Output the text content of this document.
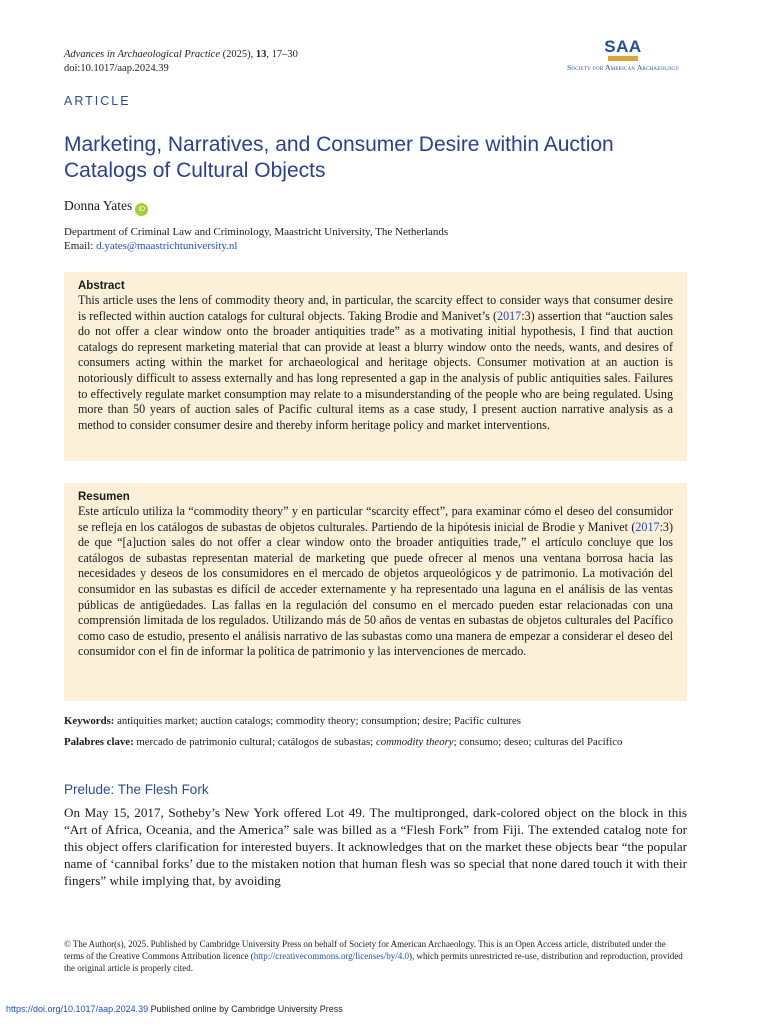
Advances in Archaeological Practice (2025), 13, 17–30
doi:10.1017/aap.2024.39
SAA
Society for American Archaeology
ARTICLE
Marketing, Narratives, and Consumer Desire within Auction Catalogs of Cultural Objects
Donna Yates iD
Department of Criminal Law and Criminology, Maastricht University, The Netherlands
Email: d.yates@maastrichtuniversity.nl
Abstract
This article uses the lens of commodity theory and, in particular, the scarcity effect to consider ways that consumer desire is reflected within auction catalogs for cultural objects. Taking Brodie and Manivet’s (2017:3) assertion that “auction sales do not offer a clear window onto the broader antiquities trade” as a motivating initial hypothesis, I find that auction catalogs do represent marketing material that can provide at least a blurry window onto the needs, wants, and desires of consumers acting within the market for archaeological and heritage objects. Consumer motivation at an auction is notoriously difficult to assess externally and has long represented a gap in the analysis of public antiquities sales. Failures to effectively regulate market consumption may relate to a misunderstanding of the people who are being regulated. Using more than 50 years of auction sales of Pacific cultural items as a case study, I present auction narrative analysis as a method to consider consumer desire and thereby inform heritage policy and market interventions.
Resumen
Este artículo utiliza la “commodity theory” y en particular “scarcity effect”, para examinar cómo el deseo del consumidor se refleja en los catálogos de subastas de objetos culturales. Partiendo de la hipótesis inicial de Brodie y Manivet (2017:3) de que “[a]uction sales do not offer a clear window onto the broader antiquities trade,” el artículo concluye que los catálogos de subastas representan material de marketing que puede ofrecer al menos una ventana borrosa hacia las necesidades y deseos de los consumidores en el mercado de objetos arqueológicos y de patrimonio. La motivación del consumidor en las subastas es difícil de acceder externamente y ha representado una laguna en el análisis de las ventas públicas de antigüedades. Las fallas en la regulación del consumo en el mercado pueden estar relacionadas con una comprensión limitada de los regulados. Utilizando más de 50 años de ventas en subastas de objetos culturales del Pacífico como caso de estudio, presento el análisis narrativo de las subastas como una manera de empezar a considerar el deseo del consumidor con el fin de informar la política de patrimonio y las intervenciones de mercado.
Keywords: antiquities market; auction catalogs; commodity theory; consumption; desire; Pacific cultures
Palabres clave: mercado de patrimonio cultural; catálogos de subastas; commodity theory; consumo; deseo; culturas del Pacífico
Prelude: The Flesh Fork
On May 15, 2017, Sotheby’s New York offered Lot 49. The multipronged, dark-colored object on the block in this “Art of Africa, Oceania, and the America” sale was billed as a “Flesh Fork” from Fiji. The extended catalog note for this object offers clarification for interested buyers. It acknowledges that on the market these objects bear “the popular name of ‘cannibal forks’ due to the mistaken notion that human flesh was so special that none dared touch it with their fingers” while implying that, by avoiding
© The Author(s), 2025. Published by Cambridge University Press on behalf of Society for American Archaeology. This is an Open Access article, distributed under the terms of the Creative Commons Attribution licence (http://creativecommons.org/licenses/by/4.0), which permits unrestricted re-use, distribution and reproduction, provided the original article is properly cited.
https://doi.org/10.1017/aap.2024.39 Published online by Cambridge University Press
